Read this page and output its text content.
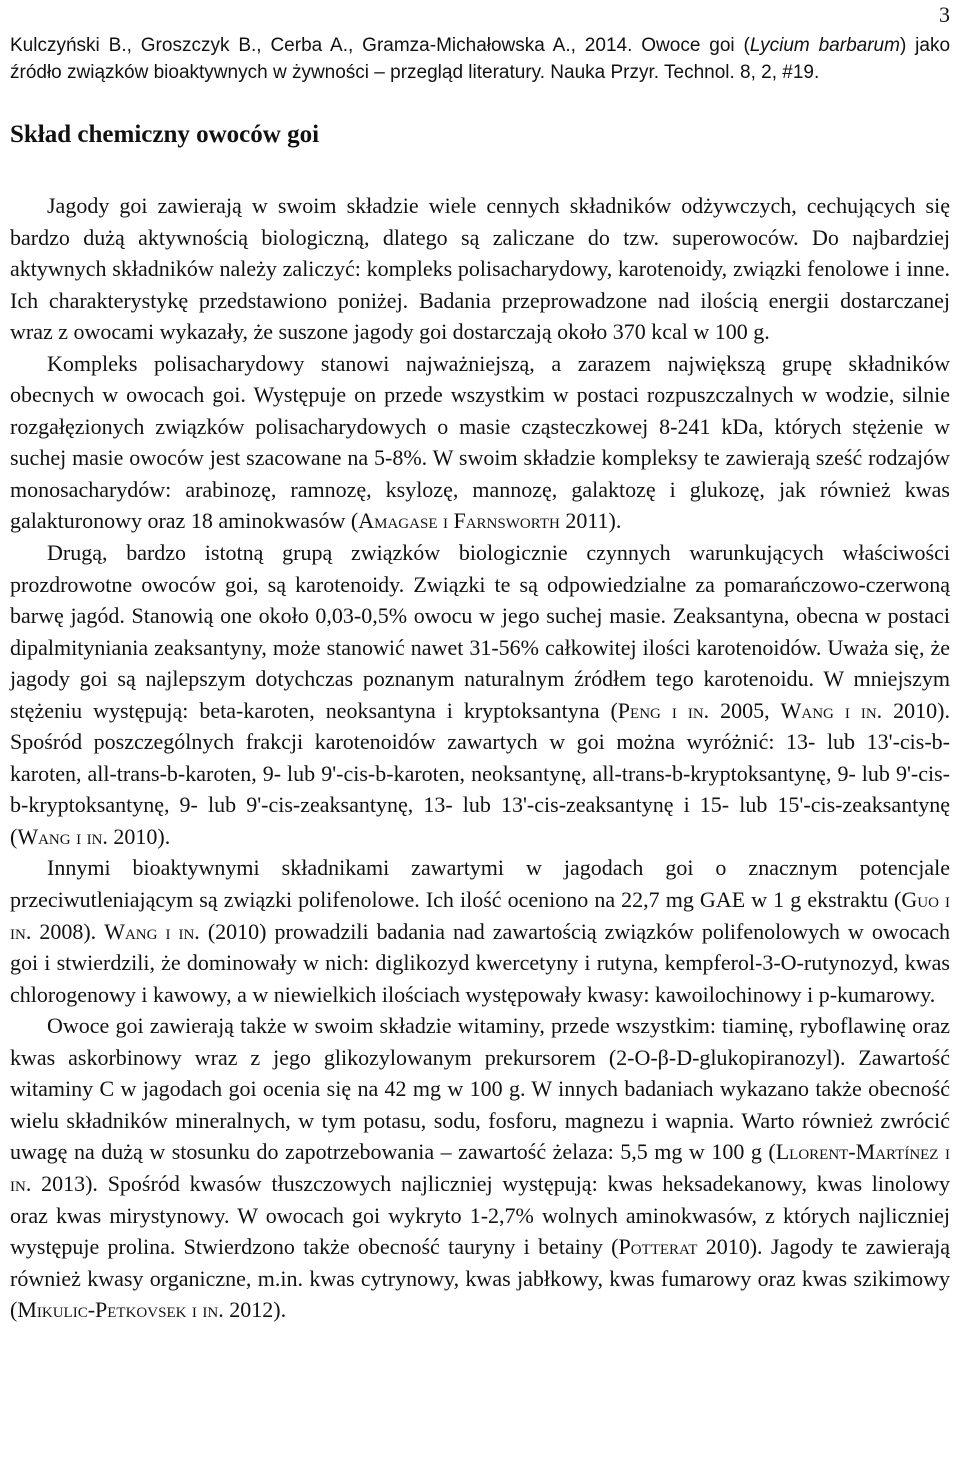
3
Kulczyński B., Groszczyk B., Cerba A., Gramza-Michałowska A., 2014. Owoce goi (Lycium barbarum) jako źródło związków bioaktywnych w żywności – przegląd literatury. Nauka Przyr. Technol. 8, 2, #19.
Skład chemiczny owoców goi

Jagody goi zawierają w swoim składzie wiele cennych składników odżywczych, cechujących się bardzo dużą aktywnością biologiczną, dlatego są zaliczane do tzw. superowoców. Do najbardziej aktywnych składników należy zaliczyć: kompleks polisacharydowy, karotenoidy, związki fenolowe i inne. Ich charakterystykę przedstawiono poniżej. Badania przeprowadzone nad ilością energii dostarczanej wraz z owocami wykazały, że suszone jagody goi dostarczają około 370 kcal w 100 g.

Kompleks polisacharydowy stanowi najważniejszą, a zarazem największą grupę składników obecnych w owocach goi. Występuje on przede wszystkim w postaci rozpuszczalnych w wodzie, silnie rozgałęzionych związków polisacharydowych o masie cząsteczkowej 8-241 kDa, których stężenie w suchej masie owoców jest szacowane na 5-8%. W swoim składzie kompleksy te zawierają sześć rodzajów monosacharydów: arabinozę, ramnozę, ksylozę, mannozę, galaktozę i glukozę, jak również kwas galakturonowy oraz 18 aminokwasów (Amagase i Farnsworth 2011).

Drugą, bardzo istotną grupą związków biologicznie czynnych warunkujących właściwości prozdrowotne owoców goi, są karotenoidy. Związki te są odpowiedzialne za pomarańczowo-czerwoną barwę jagód. Stanowią one około 0,03-0,5% owocu w jego suchej masie. Zeaksantyna, obecna w postaci dipalmityniania zeaksantyny, może stanowić nawet 31-56% całkowitej ilości karotenoidów. Uważa się, że jagody goi są najlepszym dotychczas poznanym naturalnym źródłem tego karotenoidu. W mniejszym stężeniu występują: beta-karoten, neoksantyna i kryptoksantyna (Peng i in. 2005, Wang i in. 2010). Spośród poszczególnych frakcji karotenoidów zawartych w goi można wyróżnić: 13- lub 13'-cis-b-karoten, all-trans-b-karoten, 9- lub 9'-cis-b-karoten, neoksantynę, all-trans-b-kryptoksantynę, 9- lub 9'-cis-b-kryptoksantynę, 9- lub 9'-cis-zeaksantynę, 13- lub 13'-cis-zeaksantynę i 15- lub 15'-cis-zeaksantynę (Wang i in. 2010).

Innymi bioaktywnymi składnikami zawartymi w jagodach goi o znacznym potencjale przeciwutleniającym są związki polifenolowe. Ich ilość oceniono na 22,7 mg GAE w 1 g ekstraktu (Guo i in. 2008). Wang i in. (2010) prowadzili badania nad zawartością związków polifenolowych w owocach goi i stwierdzili, że dominowały w nich: diglikozyd kwercetyny i rutyna, kempferol-3-O-rutynozyd, kwas chlorogenowy i kawowy, a w niewielkich ilościach występowały kwasy: kawoilochinowy i p-kumarowy.

Owoce goi zawierają także w swoim składzie witaminy, przede wszystkim: tiaminę, ryboflawinę oraz kwas askorbinowy wraz z jego glikozylowanym prekursorem (2-O-β-D-glukopiranozyl). Zawartość witaminy C w jagodach goi ocenia się na 42 mg w 100 g. W innych badaniach wykazano także obecność wielu składników mineralnych, w tym potasu, sodu, fosforu, magnezu i wapnia. Warto również zwrócić uwagę na dużą w stosunku do zapotrzebowania – zawartość żelaza: 5,5 mg w 100 g (Llorent-Martínez i in. 2013). Spośród kwasów tłuszczowych najliczniej występują: kwas heksadekanowy, kwas linolowy oraz kwas mirystynowy. W owocach goi wykryto 1-2,7% wolnych aminokwasów, z których najliczniej występuje prolina. Stwierdzono także obecność tauryny i betainy (Potterat 2010). Jagody te zawierają również kwasy organiczne, m.in. kwas cytrynowy, kwas jabłkowy, kwas fumarowy oraz kwas szikimowy (Mikulic-Petkovsek i in. 2012).
